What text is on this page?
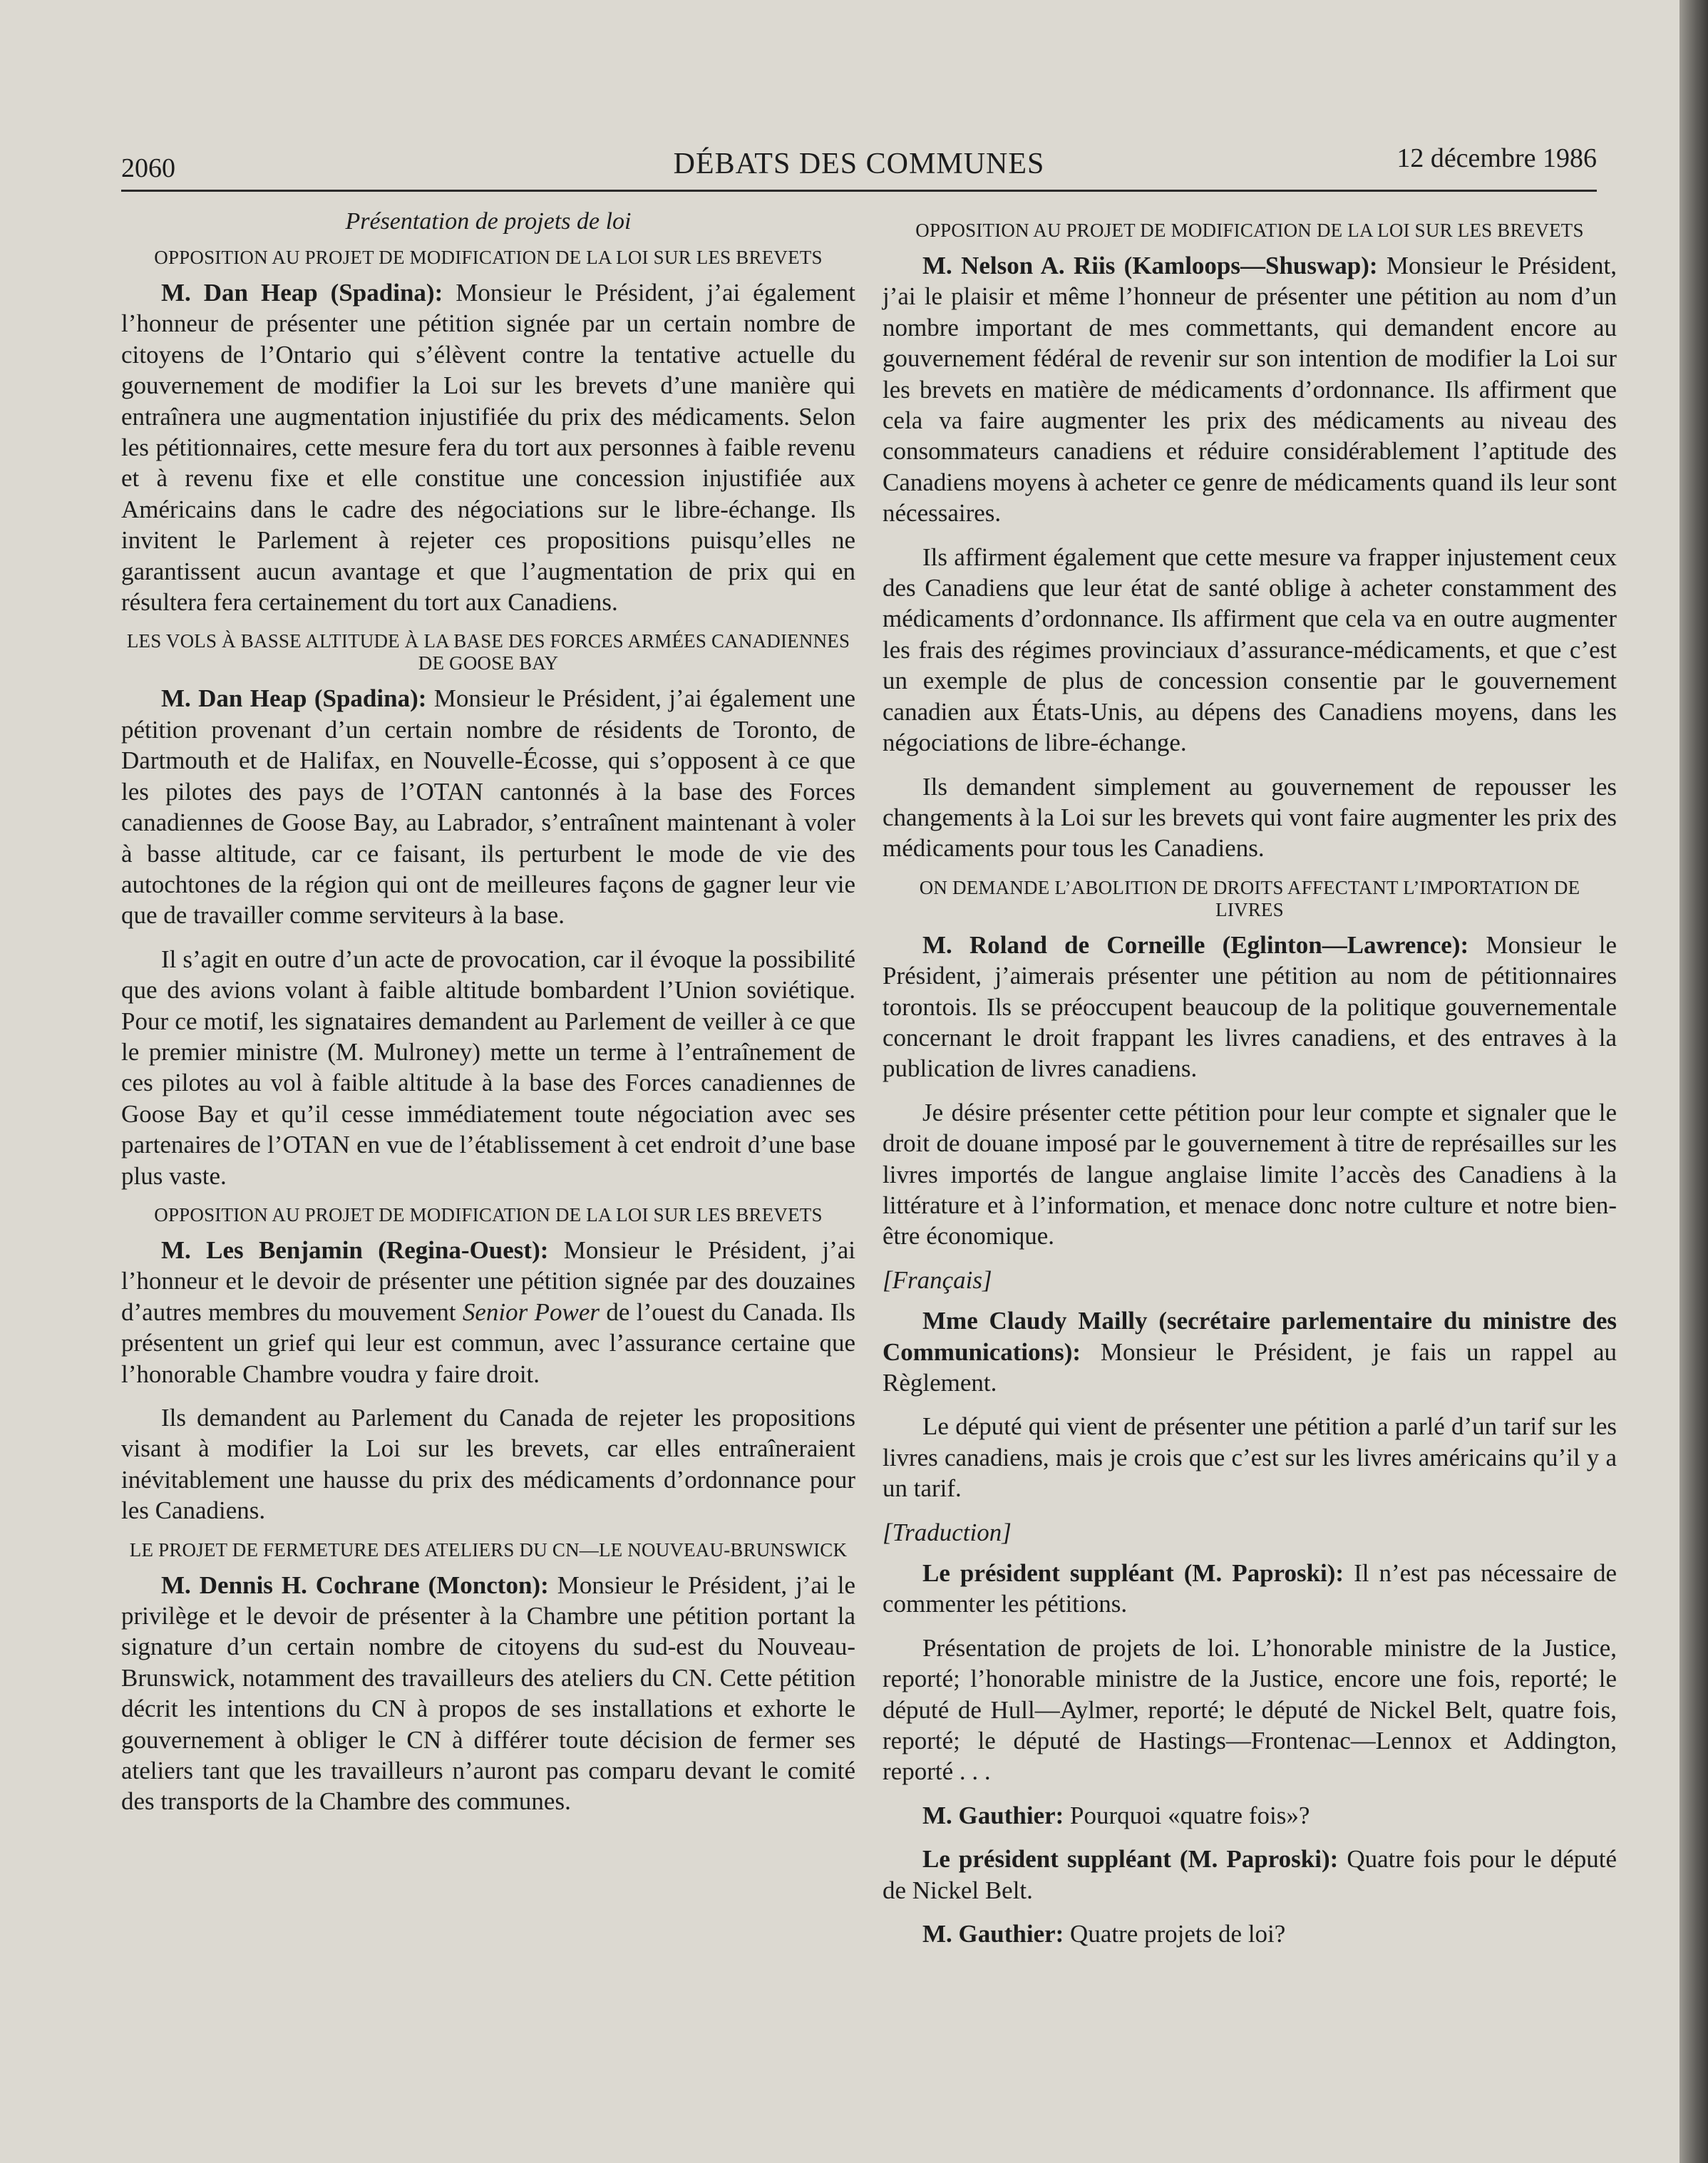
2060	DÉBATS DES COMMUNES	12 décembre 1986
Présentation de projets de loi
OPPOSITION AU PROJET DE MODIFICATION DE LA LOI SUR LES BREVETS

M. Dan Heap (Spadina): Monsieur le Président, j’ai également l’honneur de présenter une pétition signée par un certain nombre de citoyens de l’Ontario qui s’élèvent contre la tentative actuelle du gouvernement de modifier la Loi sur les brevets d’une manière qui entraînera une augmentation injustifiée du prix des médicaments. Selon les pétitionnaires, cette mesure fera du tort aux personnes à faible revenu et à revenu fixe et elle constitue une concession injustifiée aux Américains dans le cadre des négociations sur le libre-échange. Ils invitent le Parlement à rejeter ces propositions puisqu’elles ne garantissent aucun avantage et que l’augmentation de prix qui en résultera fera certainement du tort aux Canadiens.

LES VOLS À BASSE ALTITUDE À LA BASE DES FORCES ARMÉES CANADIENNES DE GOOSE BAY

M. Dan Heap (Spadina): Monsieur le Président, j’ai également une pétition provenant d’un certain nombre de résidents de Toronto, de Dartmouth et de Halifax, en Nouvelle-Écosse, qui s’opposent à ce que les pilotes des pays de l’OTAN cantonnés à la base des Forces canadiennes de Goose Bay, au Labrador, s’entraînent maintenant à voler à basse altitude, car ce faisant, ils perturbent le mode de vie des autochtones de la région qui ont de meilleures façons de gagner leur vie que de travailler comme serviteurs à la base.

Il s’agit en outre d’un acte de provocation, car il évoque la possibilité que des avions volant à faible altitude bombardent l’Union soviétique. Pour ce motif, les signataires demandent au Parlement de veiller à ce que le premier ministre (M. Mulroney) mette un terme à l’entraînement de ces pilotes au vol à faible altitude à la base des Forces canadiennes de Goose Bay et qu’il cesse immédiatement toute négociation avec ses partenaires de l’OTAN en vue de l’établissement à cet endroit d’une base plus vaste.

OPPOSITION AU PROJET DE MODIFICATION DE LA LOI SUR LES BREVETS

M. Les Benjamin (Regina-Ouest): Monsieur le Président, j’ai l’honneur et le devoir de présenter une pétition signée par des douzaines d’autres membres du mouvement Senior Power de l’ouest du Canada. Ils présentent un grief qui leur est commun, avec l’assurance certaine que l’honorable Chambre voudra y faire droit.

Ils demandent au Parlement du Canada de rejeter les propositions visant à modifier la Loi sur les brevets, car elles entraîneraient inévitablement une hausse du prix des médicaments d’ordonnance pour les Canadiens.

LE PROJET DE FERMETURE DES ATELIERS DU CN—LE NOUVEAU-BRUNSWICK

M. Dennis H. Cochrane (Moncton): Monsieur le Président, j’ai le privilège et le devoir de présenter à la Chambre une pétition portant la signature d’un certain nombre de citoyens du sud-est du Nouveau-Brunswick, notamment des travailleurs des ateliers du CN. Cette pétition décrit les intentions du CN à propos de ses installations et exhorte le gouvernement à obliger le CN à différer toute décision de fermer ses ateliers tant que les travailleurs n’auront pas comparu devant le comité des transports de la Chambre des communes.

OPPOSITION AU PROJET DE MODIFICATION DE LA LOI SUR LES BREVETS

M. Nelson A. Riis (Kamloops—Shuswap): Monsieur le Président, j’ai le plaisir et même l’honneur de présenter une pétition au nom d’un nombre important de mes commettants, qui demandent encore au gouvernement fédéral de revenir sur son intention de modifier la Loi sur les brevets en matière de médicaments d’ordonnance. Ils affirment que cela va faire augmenter les prix des médicaments au niveau des consommateurs canadiens et réduire considérablement l’aptitude des Canadiens moyens à acheter ce genre de médicaments quand ils leur sont nécessaires.

Ils affirment également que cette mesure va frapper injustement ceux des Canadiens que leur état de santé oblige à acheter constamment des médicaments d’ordonnance. Ils affirment que cela va en outre augmenter les frais des régimes provinciaux d’assurance-médicaments, et que c’est un exemple de plus de concession consentie par le gouvernement canadien aux États-Unis, au dépens des Canadiens moyens, dans les négociations de libre-échange.

Ils demandent simplement au gouvernement de repousser les changements à la Loi sur les brevets qui vont faire augmenter les prix des médicaments pour tous les Canadiens.

ON DEMANDE L’ABOLITION DE DROITS AFFECTANT L’IMPORTATION DE LIVRES

M. Roland de Corneille (Eglinton—Lawrence): Monsieur le Président, j’aimerais présenter une pétition au nom de pétitionnaires torontois. Ils se préoccupent beaucoup de la politique gouvernementale concernant le droit frappant les livres canadiens, et des entraves à la publication de livres canadiens.

Je désire présenter cette pétition pour leur compte et signaler que le droit de douane imposé par le gouvernement à titre de représailles sur les livres importés de langue anglaise limite l’accès des Canadiens à la littérature et à l’information, et menace donc notre culture et notre bien-être économique.

[Français]

Mme Claudy Mailly (secrétaire parlementaire du ministre des Communications): Monsieur le Président, je fais un rappel au Règlement.

Le député qui vient de présenter une pétition a parlé d’un tarif sur les livres canadiens, mais je crois que c’est sur les livres américains qu’il y a un tarif.

[Traduction]

Le président suppléant (M. Paproski): Il n’est pas nécessaire de commenter les pétitions.

Présentation de projets de loi. L’honorable ministre de la Justice, reporté; l’honorable ministre de la Justice, encore une fois, reporté; le député de Hull—Aylmer, reporté; le député de Nickel Belt, quatre fois, reporté; le député de Hastings—Frontenac—Lennox et Addington, reporté . . .

M. Gauthier: Pourquoi «quatre fois»?

Le président suppléant (M. Paproski): Quatre fois pour le député de Nickel Belt.

M. Gauthier: Quatre projets de loi?
